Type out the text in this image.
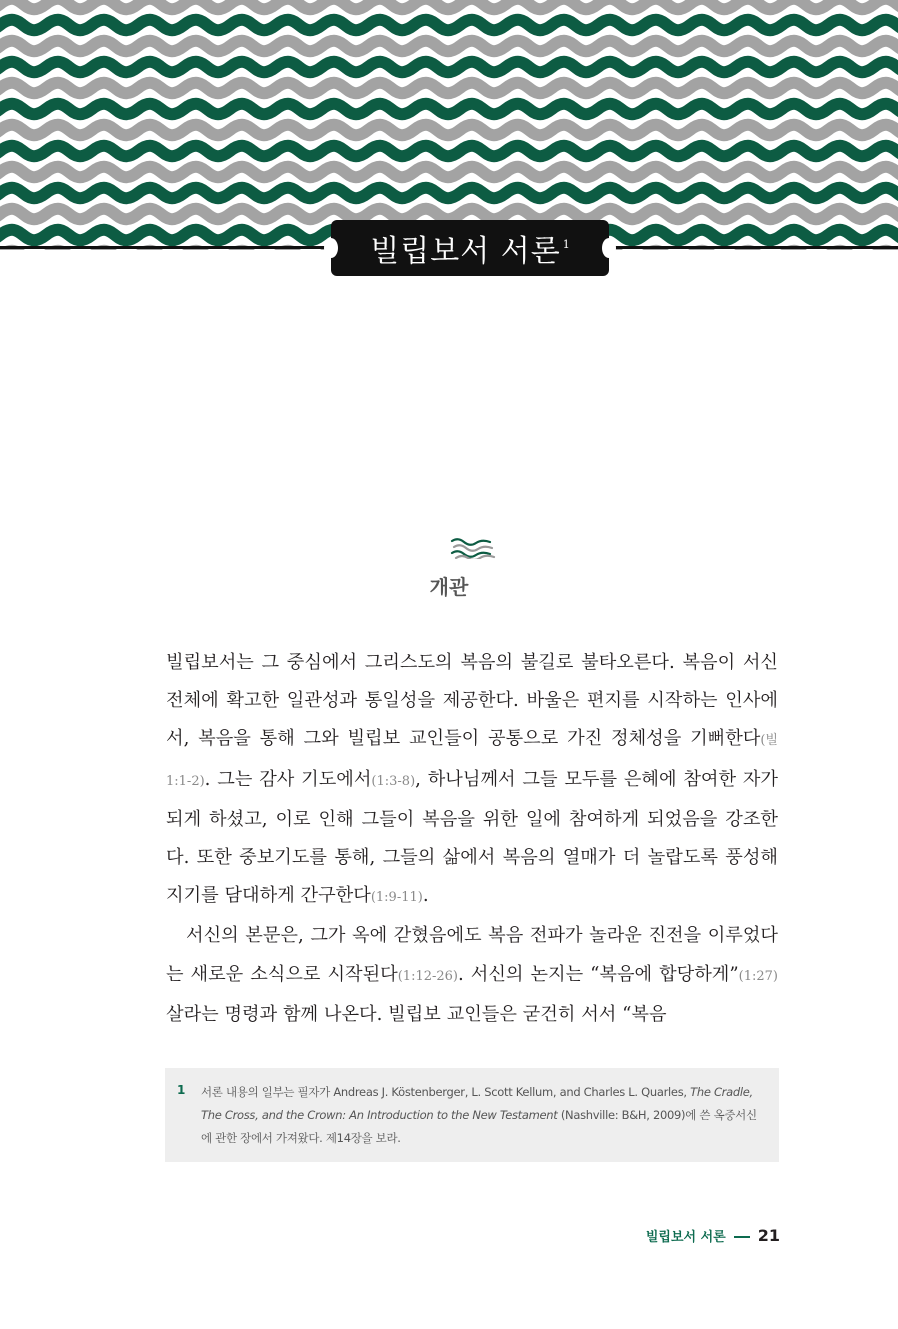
빌립보서 서론 1
개관

빌립보서는 그 중심에서 그리스도의 복음의 불길로 불타오른다. 복음이 서신 전체에 확고한 일관성과 통일성을 제공한다. 바울은 편지를 시작하는 인사에서, 복음을 통해 그와 빌립보 교인들이 공통으로 가진 정체성을 기뻐한다(빌 1:1-2). 그는 감사 기도에서(1:3-8), 하나님께서 그들 모두를 은혜에 참여한 자가 되게 하셨고, 이로 인해 그들이 복음을 위한 일에 참여하게 되었음을 강조한다. 또한 중보기도를 통해, 그들의 삶에서 복음의 열매가 더 놀랍도록 풍성해지기를 담대하게 간구한다(1:9-11).

서신의 본문은, 그가 옥에 갇혔음에도 복음 전파가 놀라운 진전을 이루었다는 새로운 소식으로 시작된다(1:12-26). 서신의 논지는 “복음에 합당하게”(1:27) 살라는 명령과 함께 나온다. 빌립보 교인들은 굳건히 서서 “복음

1 서론 내용의 일부는 필자가 Andreas J. Köstenberger, L. Scott Kellum, and Charles L. Quarles, The Cradle, The Cross, and the Crown: An Introduction to the New Testament (Nashville: B&H, 2009)에 쓴 옥중서신에 관한 장에서 가져왔다. 제14장을 보라.
빌립보서 서론 21
